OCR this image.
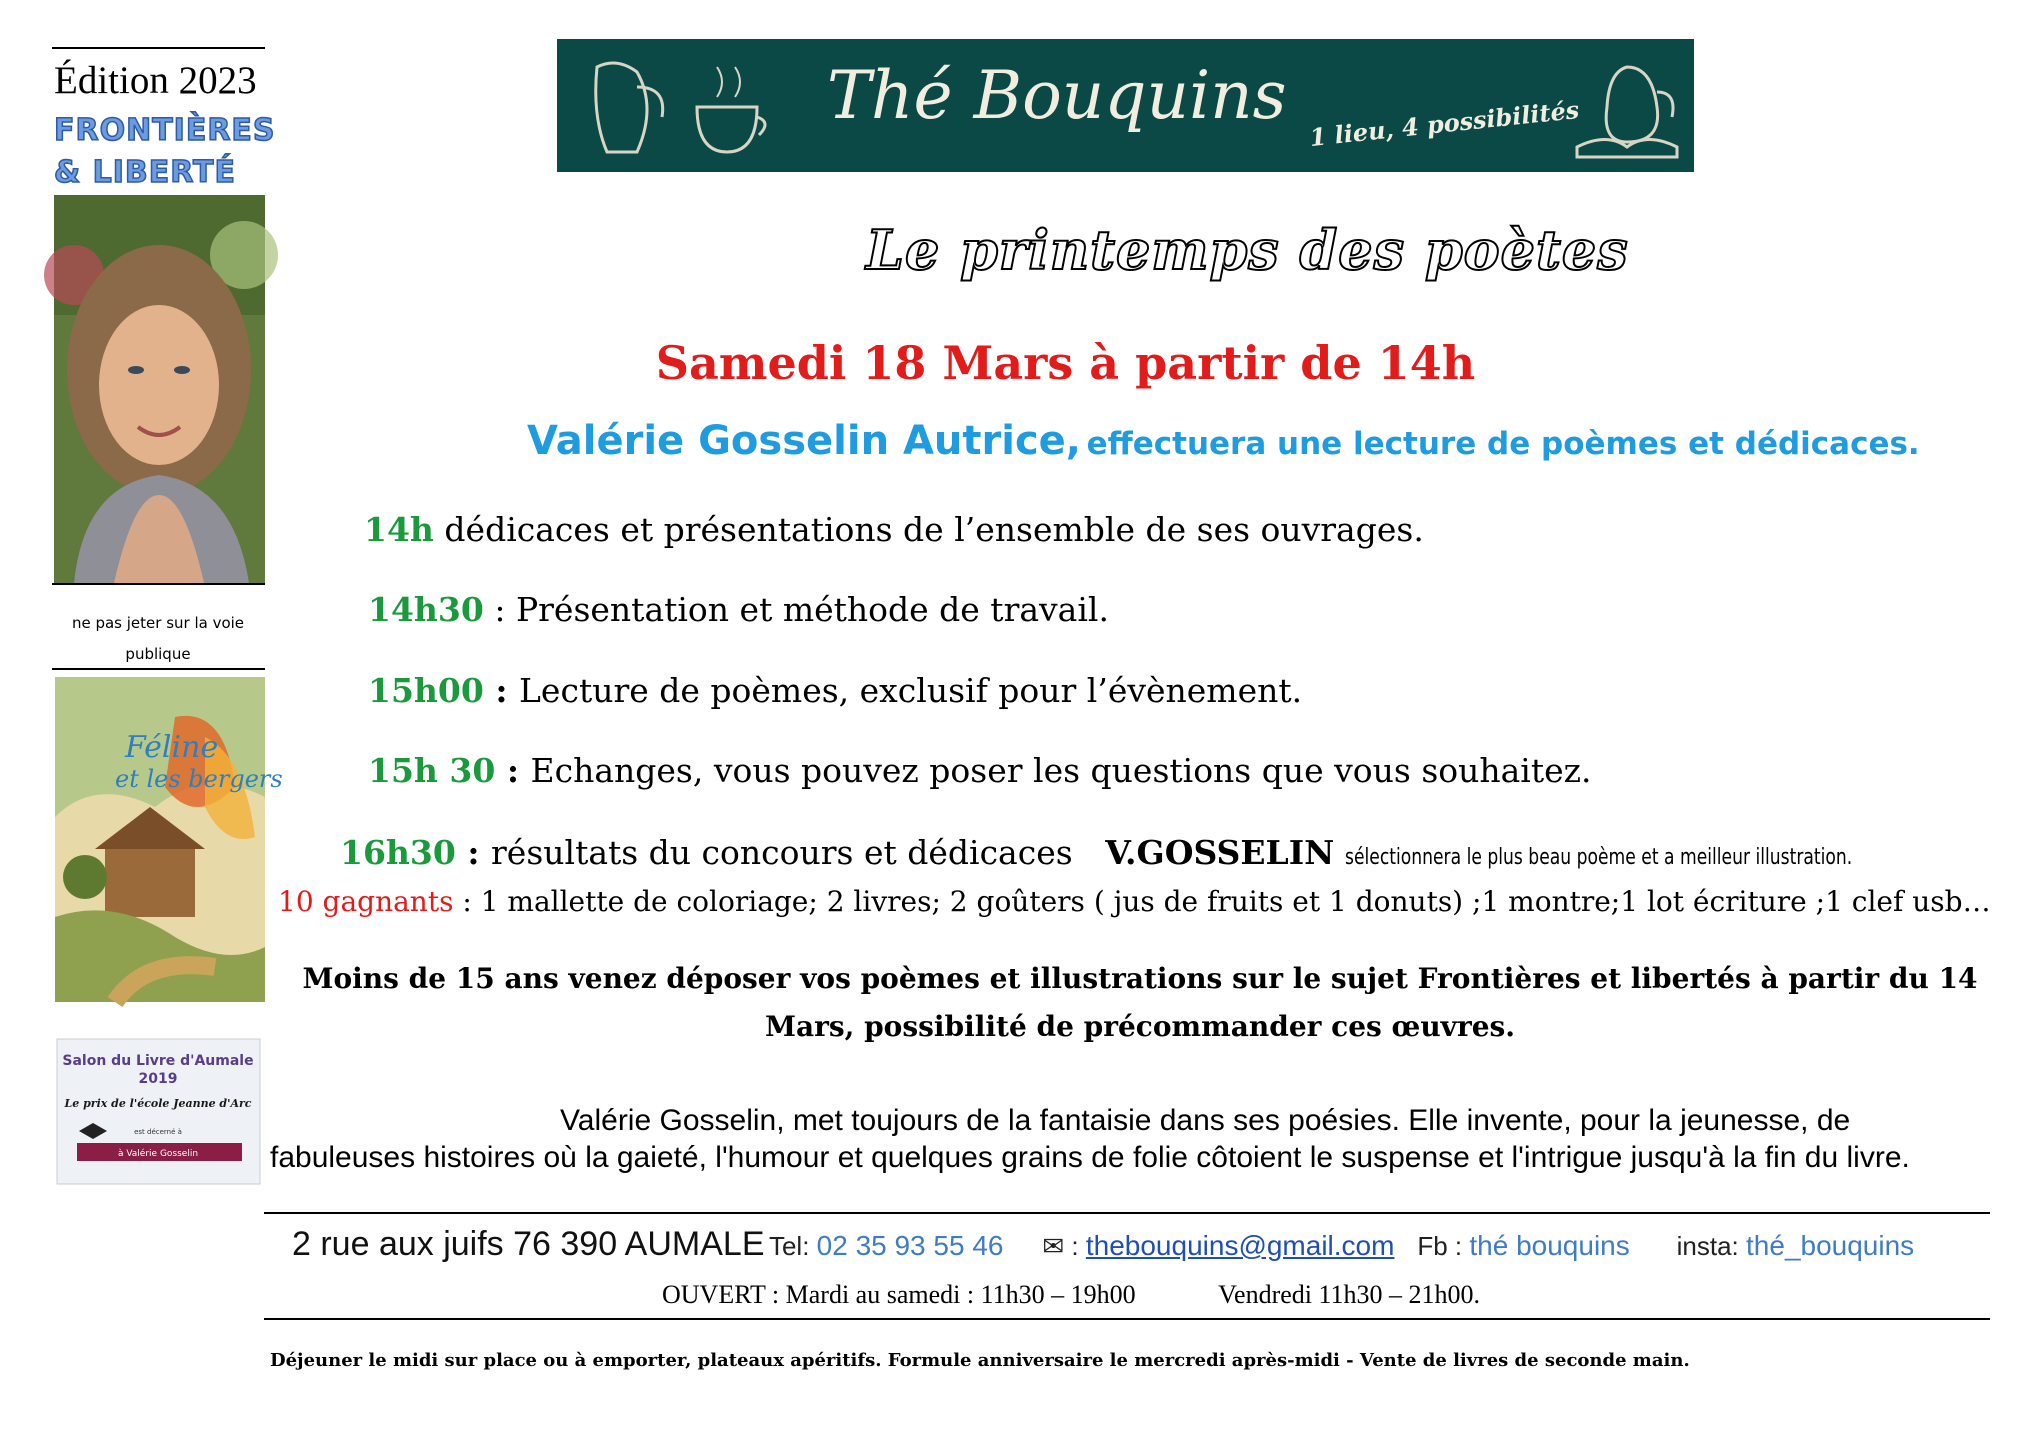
Édition 2023
FRONTIÈRES
& LIBERTÉ
ne pas jeter sur la voie publique
Féline
et les bergers
Salon du Livre d'Aumale
2019
Le prix de l'école Jeanne d'Arc
est décerné à
à Valérie Gosselin
Thé Bouquins 1 lieu, 4 possibilités
Le printemps des poètes
Samedi 18 Mars à partir de 14h
Valérie Gosselin Autrice, effectuera une lecture de poèmes et dédicaces.
14h dédicaces et présentations de l’ensemble de ses ouvrages.
14h30 : Présentation et méthode de travail.
15h00 : Lecture de poèmes, exclusif pour l’évènement.
15h 30 : Echanges, vous pouvez poser les questions que vous souhaitez.
16h30 : résultats du concours et dédicaces V.GOSSELIN sélectionnera le plus beau poème et a meilleur illustration.
10 gagnants : 1 mallette de coloriage; 2 livres; 2 goûters ( jus de fruits et 1 donuts) ;1 montre;1 lot écriture ;1 clef usb…
Moins de 15 ans venez déposer vos poèmes et illustrations sur le sujet Frontières et libertés à partir du 14
Mars, possibilité de précommander ces œuvres.
Valérie Gosselin, met toujours de la fantaisie dans ses poésies. Elle invente, pour la jeunesse, de fabuleuses histoires où la gaieté, l'humour et quelques grains de folie côtoient le suspense et l'intrigue jusqu'à la fin du livre.
2 rue aux juifs 76 390 AUMALE Tel: 02 35 93 55 46 ✉ : thebouquins@gmail.com Fb : thé bouquins insta: thé_bouquins
OUVERT : Mardi au samedi : 11h30 – 19h00	Vendredi 11h30 – 21h00.
Déjeuner le midi sur place ou à emporter, plateaux apéritifs. Formule anniversaire le mercredi après-midi - Vente de livres de seconde main.
